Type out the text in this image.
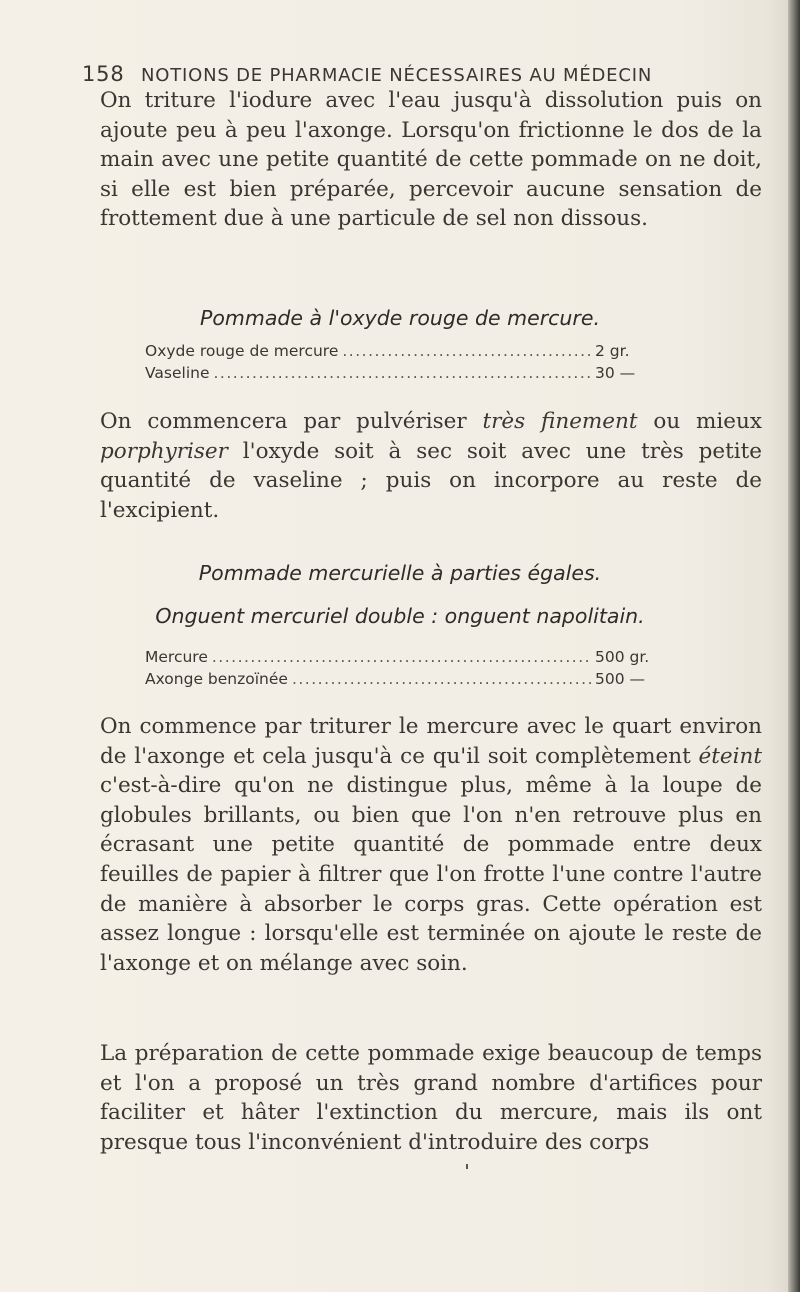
158 NOTIONS DE PHARMACIE NÉCESSAIRES AU MÉDECIN
On triture l'iodure avec l'eau jusqu'à dissolution puis on ajoute peu à peu l'axonge. Lorsqu'on frictionne le dos de la main avec une petite quantité de cette pommade on ne doit, si elle est bien préparée, percevoir aucune sensation de frottement due à une particule de sel non dissous.
Pommade à l'oxyde rouge de mercure.
Oxyde rouge de mercure .....	2 gr.
Vaseline .....	30 —
On commencera par pulvériser très finement ou mieux porphyriser l'oxyde soit à sec soit avec une très petite quantité de vaseline ; puis on incorpore au reste de l'excipient.
Pommade mercurielle à parties égales.
Onguent mercuriel double : onguent napolitain.
Mercure .....	500 gr.
Axonge benzoïnée .....	500 —
On commence par triturer le mercure avec le quart environ de l'axonge et cela jusqu'à ce qu'il soit complètement éteint c'est-à-dire qu'on ne distingue plus, même à la loupe de globules brillants, ou bien que l'on n'en retrouve plus en écrasant une petite quantité de pommade entre deux feuilles de papier à filtrer que l'on frotte l'une contre l'autre de manière à absorber le corps gras. Cette opération est assez longue : lorsqu'elle est terminée on ajoute le reste de l'axonge et on mélange avec soin.
La préparation de cette pommade exige beaucoup de temps et l'on a proposé un très grand nombre d'artifices pour faciliter et hâter l'extinction du mercure, mais ils ont presque tous l'inconvénient d'introduire des corps
